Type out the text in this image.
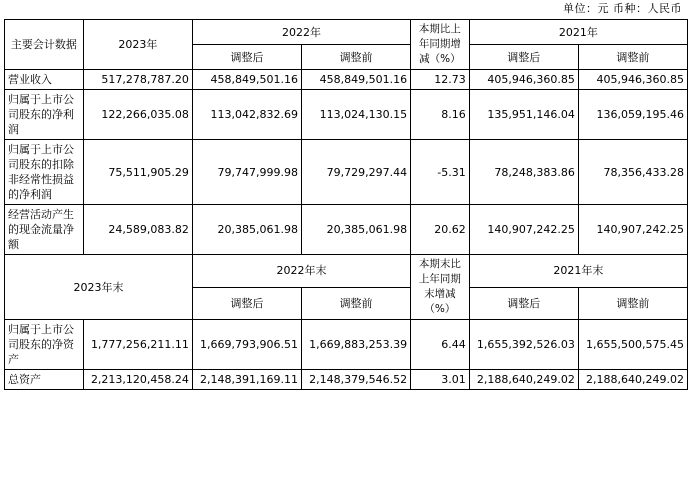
单位：元 币种：人民币
主要会计数据	2023年	2022年		本期比上年同期增减（%）	2021年	
		调整后	调整前		调整后	调整前
营业收入	517,278,787.20	458,849,501.16	458,849,501.16	12.73	405,946,360.85	405,946,360.85
归属于上市公司股东的净利润	122,266,035.08	113,042,832.69	113,024,130.15	8.16	135,951,146.04	136,059,195.46
归属于上市公司股东的扣除非经常性损益的净利润	75,511,905.29	79,747,999.98	79,729,297.44	-5.31	78,248,383.86	78,356,433.28
经营活动产生的现金流量净额	24,589,083.82	20,385,061.98	20,385,061.98	20.62	140,907,242.25	140,907,242.25
2023年末		2022年末		本期末比上年同期末增减（%）	2021年末	
		调整后	调整前		调整后	调整前
归属于上市公司股东的净资产	1,777,256,211.11	1,669,793,906.51	1,669,883,253.39	6.44	1,655,392,526.03	1,655,500,575.45
总资产	2,213,120,458.24	2,148,391,169.11	2,148,379,546.52	3.01	2,188,640,249.02	2,188,640,249.02
